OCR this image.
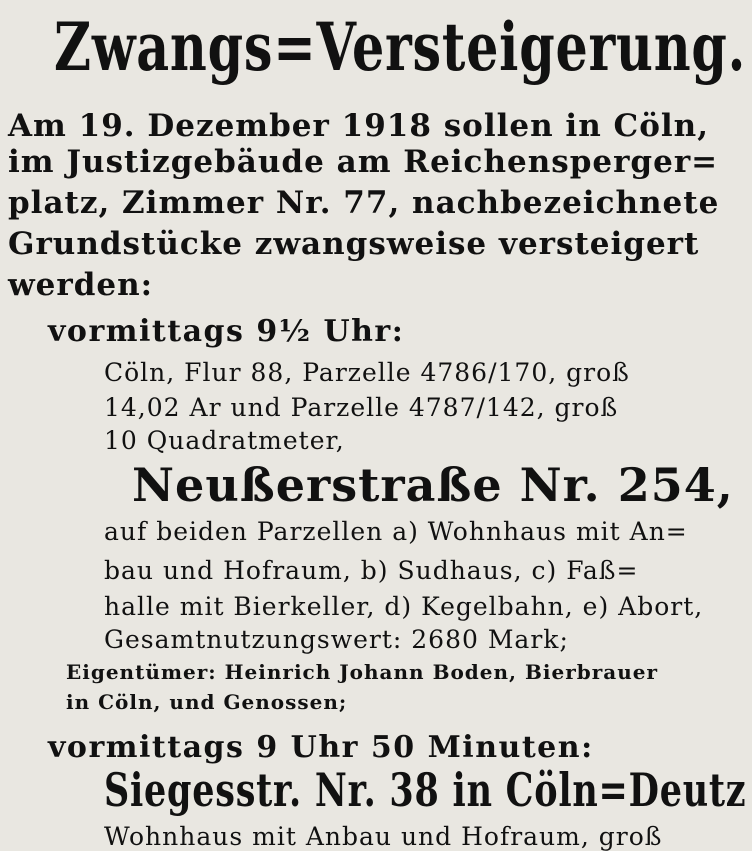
Zwangs=Versteigerung.
Am 19. Dezember 1918 sollen in Cöln,
im Justizgebäude am Reichensperger=
platz, Zimmer Nr. 77, nachbezeichnete
Grundstücke zwangsweise versteigert
werden:
vormittags 9½ Uhr:
Cöln, Flur 88, Parzelle 4786/170, groß
14,02 Ar und Parzelle 4787/142, groß
10 Quadratmeter,
Neußerstraße Nr. 254,
auf beiden Parzellen a) Wohnhaus mit An=
bau und Hofraum, b) Sudhaus, c) Faß=
halle mit Bierkeller, d) Kegelbahn, e) Abort,
Gesamtnutzungswert: 2680 Mark;
Eigentümer: Heinrich Johann Boden, Bierbrauer
in Cöln, und Genossen;
vormittags 9 Uhr 50 Minuten:
Siegesstr. Nr. 38 in Cöln=Deutz
Wohnhaus mit Anbau und Hofraum, groß
